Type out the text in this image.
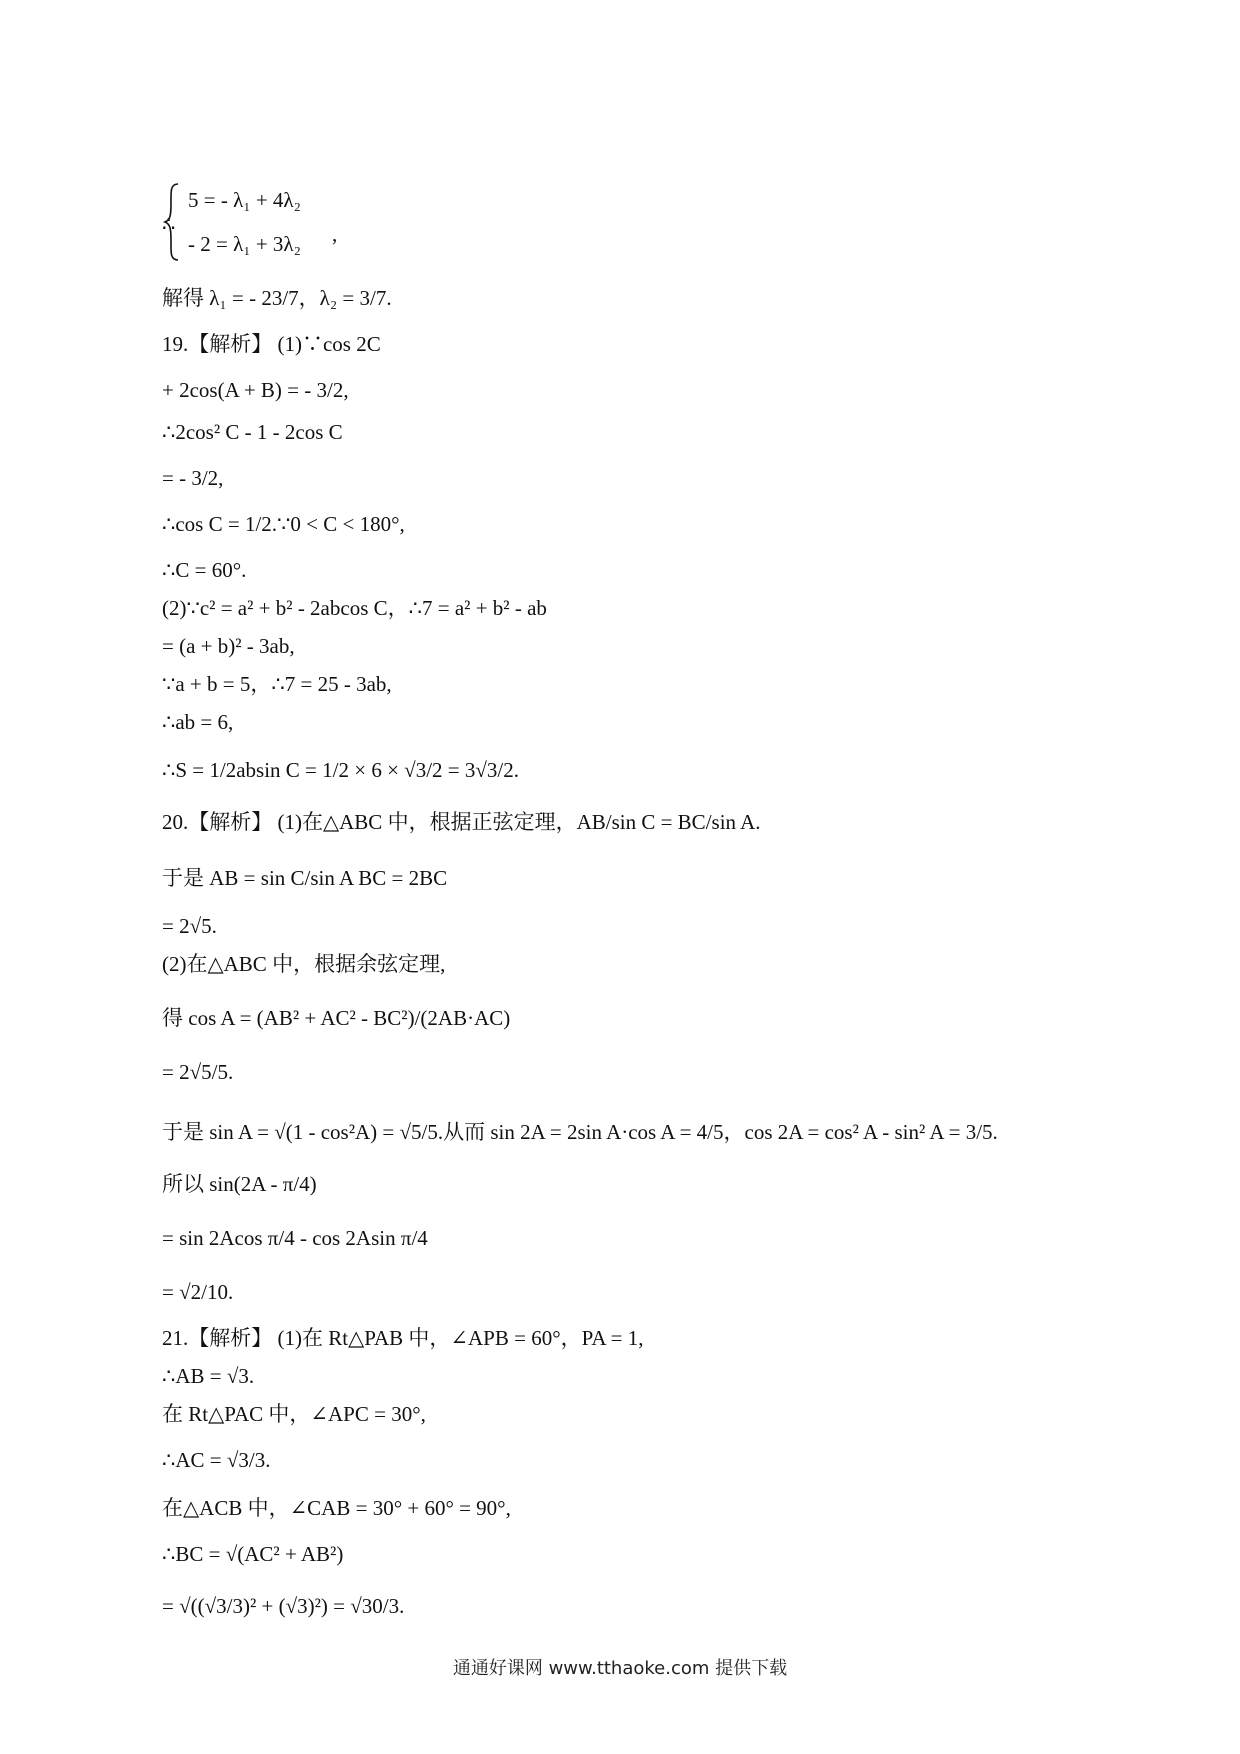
∴
5 = - λ₁ + 4λ₂
- 2 = λ₁ + 3λ₂ ,
解得 λ₁ = - 23/7，λ₂ = 3/7.
19.【解析】 (1)∵cos 2C
+ 2cos(A + B) = - 3/2,
∴2cos² C - 1 - 2cos C
= - 3/2,
∴cos C = 1/2.∵0 < C < 180°,
∴C = 60°.
(2)∵c² = a² + b² - 2abcos C，∴7 = a² + b² - ab
= (a + b)² - 3ab,
∵a + b = 5，∴7 = 25 - 3ab,
∴ab = 6,
∴S = 1/2absin C = 1/2 × 6 × √3/2 = 3√3/2.
20.【解析】 (1)在△ABC 中，根据正弦定理，AB/sin C = BC/sin A.
于是 AB = sin C/sin A BC = 2BC
= 2√5.
(2)在△ABC 中，根据余弦定理,
得 cos A = (AB² + AC² - BC²)/(2AB·AC)
= 2√5/5.
于是 sin A = √(1 - cos²A) = √5/5.从而 sin 2A = 2sin A·cos A = 4/5，cos 2A = cos² A - sin² A = 3/5.
所以 sin(2A - π/4)
= sin 2Acos π/4 - cos 2Asin π/4
= √2/10.
21.【解析】 (1)在 Rt△PAB 中，∠APB = 60°，PA = 1,
∴AB = √3.
在 Rt△PAC 中，∠APC = 30°,
∴AC = √3/3.
在△ACB 中，∠CAB = 30° + 60° = 90°,
∴BC = √(AC² + AB²)
= √((√3/3)² + (√3)²) = √30/3.
通通好课网 www.tthaoke.com 提供下载
